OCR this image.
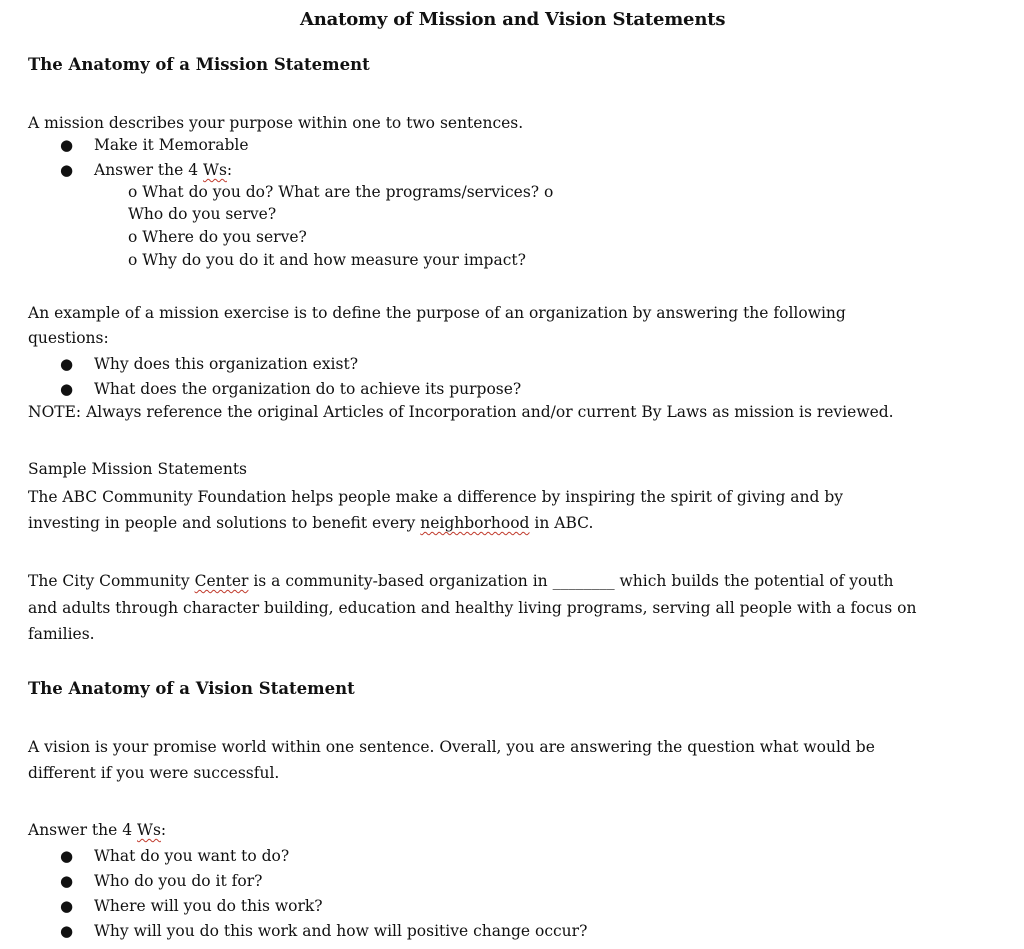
Anatomy of Mission and Vision Statements
The Anatomy of a Mission Statement
A mission describes your purpose within one to two sentences.
● Make it Memorable
● Answer the 4 Ws:
o What do you do? What are the programs/services? o
Who do you serve?
o Where do you serve?
o Why do you do it and how measure your impact?
An example of a mission exercise is to define the purpose of an organization by answering the following
questions:
● Why does this organization exist?
● What does the organization do to achieve its purpose?
NOTE: Always reference the original Articles of Incorporation and/or current By Laws as mission is reviewed.
Sample Mission Statements
The ABC Community Foundation helps people make a difference by inspiring the spirit of giving and by
investing in people and solutions to benefit every neighborhood in ABC.
The City Community Center is a community-based organization in ________ which builds the potential of youth
and adults through character building, education and healthy living programs, serving all people with a focus on
families.
The Anatomy of a Vision Statement
A vision is your promise world within one sentence. Overall, you are answering the question what would be
different if you were successful.
Answer the 4 Ws:
● What do you want to do?
● Who do you do it for?
● Where will you do this work?
● Why will you do this work and how will positive change occur?
